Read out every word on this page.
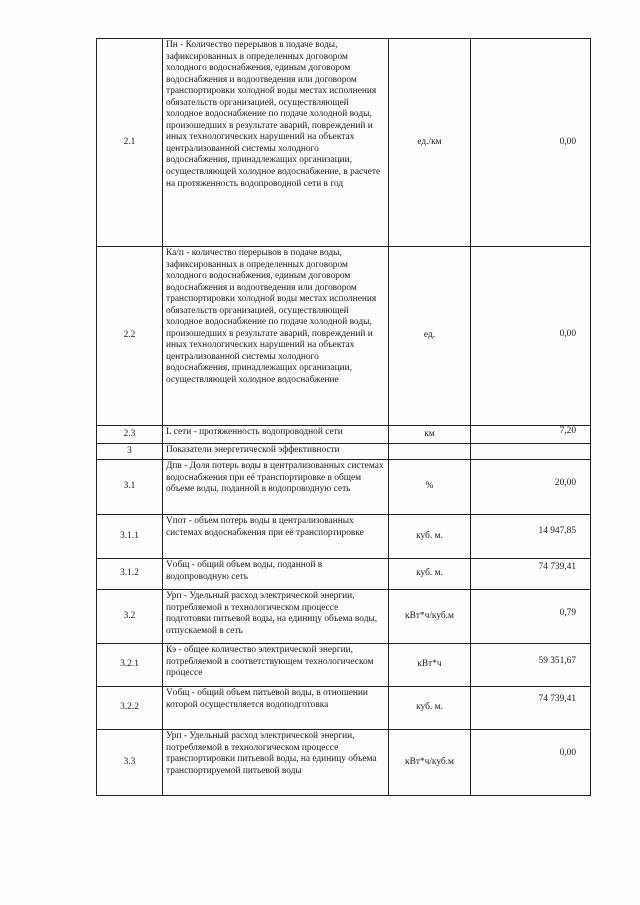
2.1	Пн - Количество перерывов в подаче воды, зафиксированных в определенных договором холодного водоснабжения, единым договором водоснабжения и водоотведения или договором транспортировки холодной воды местах исполнения обязательств организацией, осуществляющей холодное водоснабжение по подаче холодной воды, произошедших в результате аварий, повреждений и иных технологических нарушений на объектах централизованной системы холодного водоснабжения, принадлежащих организации, осуществляющей холодное водоснабжение, в расчете на протяженность водопроводной сети в год	ед./км	0,00
2.2	Ка/п - количество перерывов в подаче воды, зафиксированных в определенных договором холодного водоснабжения, единым договором водоснабжения и водоотведения или договором транспортировки холодной воды местах исполнения обязательств организацией, осуществляющей холодное водоснабжение по подаче холодной воды, произошедших в результате аварий, повреждений и иных технологических нарушений на объектах централизованной системы холодного водоснабжения, принадлежащих организации, осуществляющей холодное водоснабжение	ед.	0,00
2.3	L сети - протяженность водопроводной сети	км	7,20
3	Показатели энергетической эффективности		
3.1	Дпв - Доля потерь воды в централизованных системах водоснабжения при её транспортировке в общем объеме воды, поданной в водопроводную сеть	%	20,00
3.1.1	Vпот - объем потерь воды в централизованных системах водоснабжения при её транспортировке	куб. м.	14 947,85
3.1.2	Vобщ - общий объем воды, поданной в водопроводную сеть	куб. м.	74 739,41
3.2	Урп - Удельный расход электрической энергии, потребляемой в технологическом процессе подготовки питьевой воды, на единицу объема воды, отпускаемой в сеть	кВт*ч/куб.м	0,79
3.2.1	Кэ - общее количество электрической энергии, потребляемой в соответствующем технологическом процессе	кВт*ч	59 351,67
3.2.2	Vобщ - общий объем питьевой воды, в отношении которой осуществляется водоподготовка	куб. м.	74 739,41
3.3	Урп - Удельный расход электрической энергии, потребляемой в технологическом процессе транспортировки питьевой воды, на единицу объема транспортируемой питьевой воды	кВт*ч/куб.м	0,00
